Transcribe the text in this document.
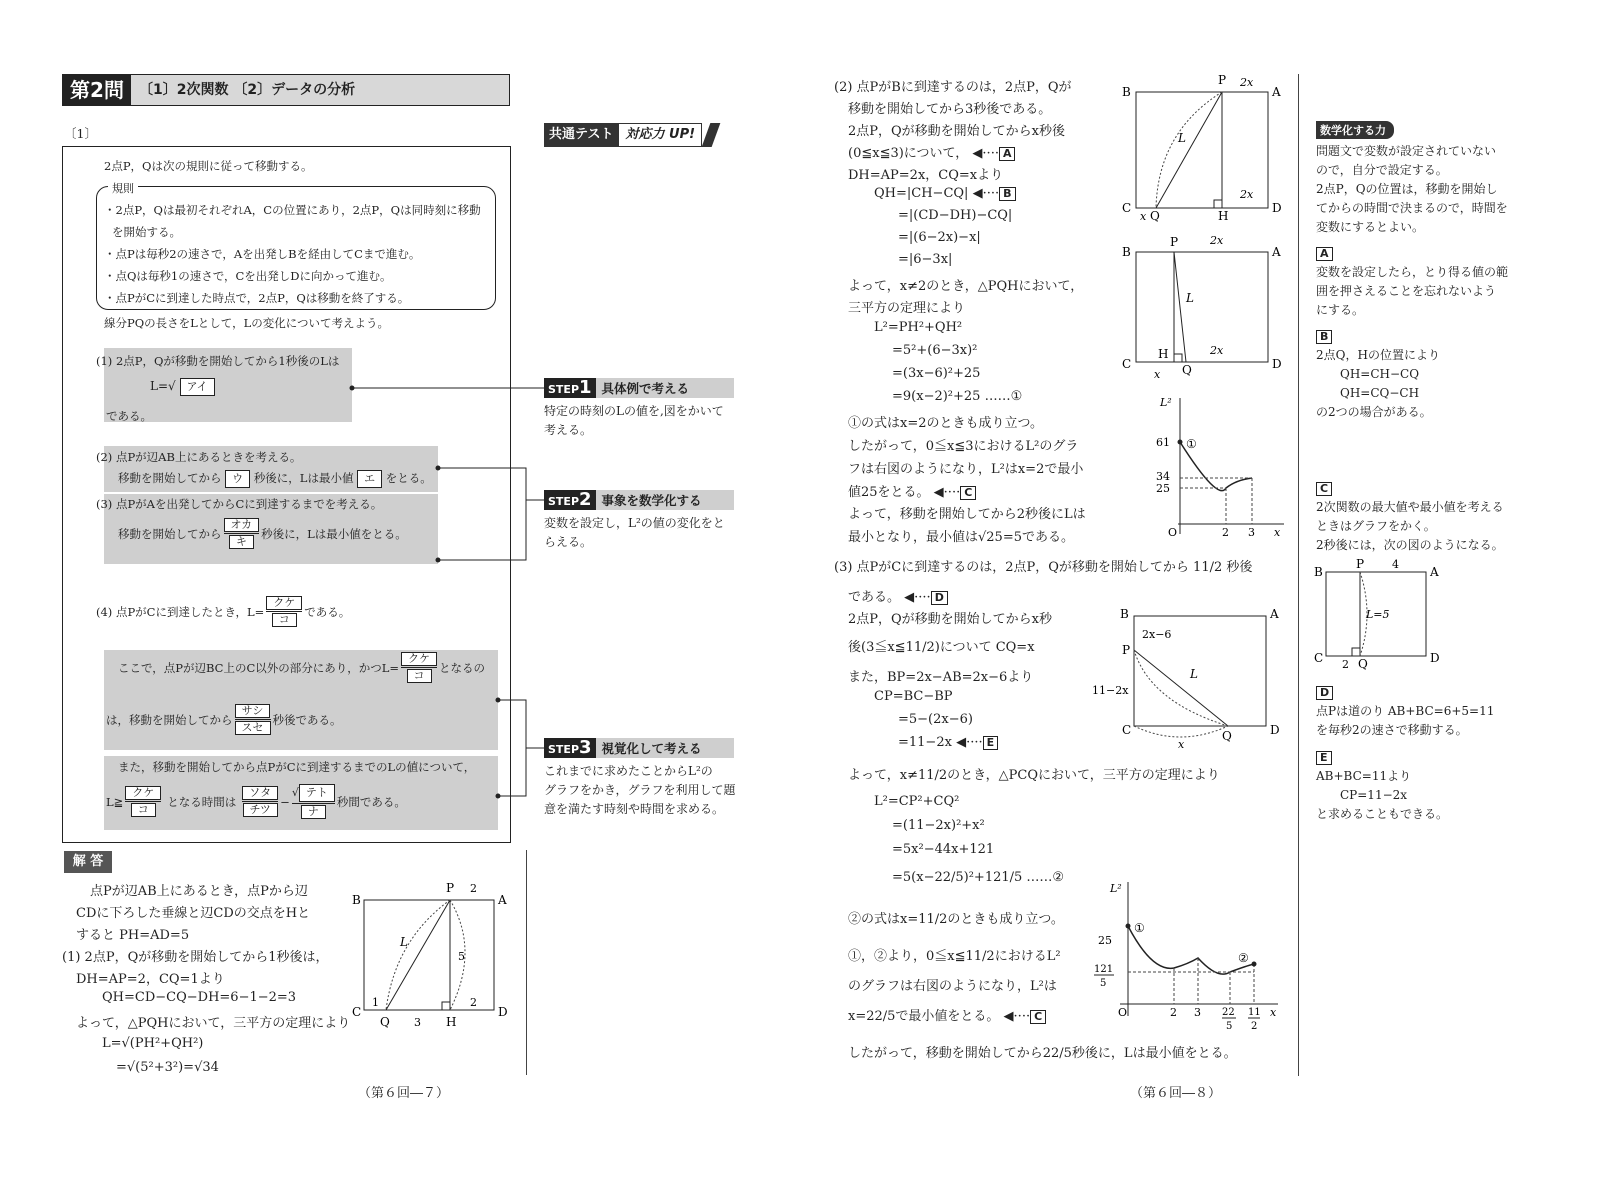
第2問	〔1〕2次関数 〔2〕データの分析
〔1〕
2点P，Qは次の規則に従って移動する。
規則
・2点P，Qは最初それぞれA，Cの位置にあり，2点P，Qは同時刻に移動
を開始する。
・点Pは毎秒2の速さで，Aを出発しBを経由してCまで進む。
・点Qは毎秒1の速さで，Cを出発しDに向かって進む。
・点PがCに到達した時点で，2点P，Qは移動を終了する。
線分PQの長さをLとして，Lの変化について考えよう。
(1) 2点P，Qが移動を開始してから1秒後のLは
L=√ アイ
である。
(2) 点Pが辺AB上にあるときを考える。
移動を開始してから ウ 秒後に，Lは最小値 エ をとる。
(3) 点PがAを出発してからCに到達するまでを考える。
移動を開始してから $\frac{\text{オカ}}{\text{キ}}$ 秒後に，Lは最小値をとる。
(4) 点PがCに到達したとき，$L= \frac{\text{クケ}}{\text{コ}}$ である。
ここで，点Pが辺BC上のC以外の部分にあり，かつ$L= \frac{\text{クケ}}{\text{コ}}$ となるの
は，移動を開始してから $\frac{\text{サシ}}{\text{スセ}}$ 秒後である。
また，移動を開始してから点PがCに到達するまでのLの値について，
L≧ $\frac{\text{クケ}}{\text{コ}}$ となる時間は $\frac{\text{ソタ}}{\text{チツ}} - \frac{\text{√ テト}}{\text{ナ}}$ 秒間である。
共通テスト 対応力 UP!
STEP1 具体例で考える
特定の時刻のLの値を,図をかいて
考える。
STEP2 事象を数学化する
変数を設定し，L²の値の変化をと
らえる。
STEP3 視覚化して考える
これまでに求めたことからL²の
グラフをかき，グラフを利用して題
意を満たす時刻や時間を求める。
解 答
点Pが辺AB上にあるとき，点Pから辺
CDに下ろした垂線と辺CDの交点をHと
すると PH=AD=5
(1) 2点P，Qが移動を開始してから1秒後は，
DH=AP=2，CQ=1より
QH=CD−CQ−DH=6−1−2=3
よって，△PQHにおいて，三平方の定理により
L=√(PH²+QH²)
=√(5²+3²)=√34
B	A
C	D
P
Q	H
L
5
2
1
3
2
（第６回―７）
(2) 点PがBに到達するのは，2点P，Qが
移動を開始してから3秒後である。
2点P，Qが移動を開始してからx秒後
(0≦x≦3)について， ◀···· A
DH=AP=2x，CQ=xより
QH=|CH−CQ| ◀···· B
=|(CD−DH)−CQ|
=|(6−2x)−x|
=|6−3x|
よって，x≠2のとき，△PQHにおいて，
三平方の定理により
L²=PH²+QH²
=5²+(6−3x)²
=(3x−6)²+25
=9(x−2)²+25 ……①
①の式はx=2のときも成り立つ。
したがって，0≦x≦3におけるL²のグラ
フは右図のようになり，L²はx=2で最小
値25をとる。 ◀···· C
よって，移動を開始してから2秒後にLは
最小となり，最小値は√25=5である。
(3) 点PがCに到達するのは，2点P，Qが移動を開始してから 11/2 秒後
である。 ◀···· D
2点P，Qが移動を開始してからx秒
後(3≦x≦11/2)について CQ=x
また，BP=2x−AB=2x−6より
CP=BC−BP
=5−(2x−6)
=11−2x ◀···· E
よって，x≠11/2のとき，△PCQにおいて，三平方の定理により
L²=CP²+CQ²
=(11−2x)²+x²
=5x²−44x+121
=5(x−22/5)²+121/5 ……②
②の式はx=11/2のときも成り立つ。
①，②より，0≦x≦11/2におけるL²
のグラフは右図のようになり，L²は
x=22/5で最小値をとる。 ◀···· C
したがって，移動を開始してから22/5秒後に，Lは最小値をとる。
B	A
C	D
P
Q	H
L
2x
2x
x
B	A
C	D
P
Q
H
L
2x
2x
x
L²
61 ①
34
25
O	2 3 x
B	A
C	D
P
Q
L
2x−6
11−2x
x
L²
25
①
②
121
5
O	2 3 22
5
11
2
x
数学化する力
問題文で変数が設定されていない
ので，自分で設定する。
2点P，Qの位置は，移動を開始し
てからの時間で決まるので，時間を
変数にするとよい。
A
変数を設定したら，とり得る値の範
囲を押さえることを忘れないよう
にする。
B
2点Q，Hの位置により
QH=CH−CQ
QH=CQ−CH
の2つの場合がある。
C
2次関数の最大値や最小値を考える
ときはグラフをかく。
2秒後には，次の図のようになる。
B	A
C	D
P
Q
4
2
L=5
D
点Pは道のり AB+BC=6+5=11
を毎秒2の速さで移動する。
E
AB+BC=11より
CP=11−2x
と求めることもできる。
（第６回―８）
